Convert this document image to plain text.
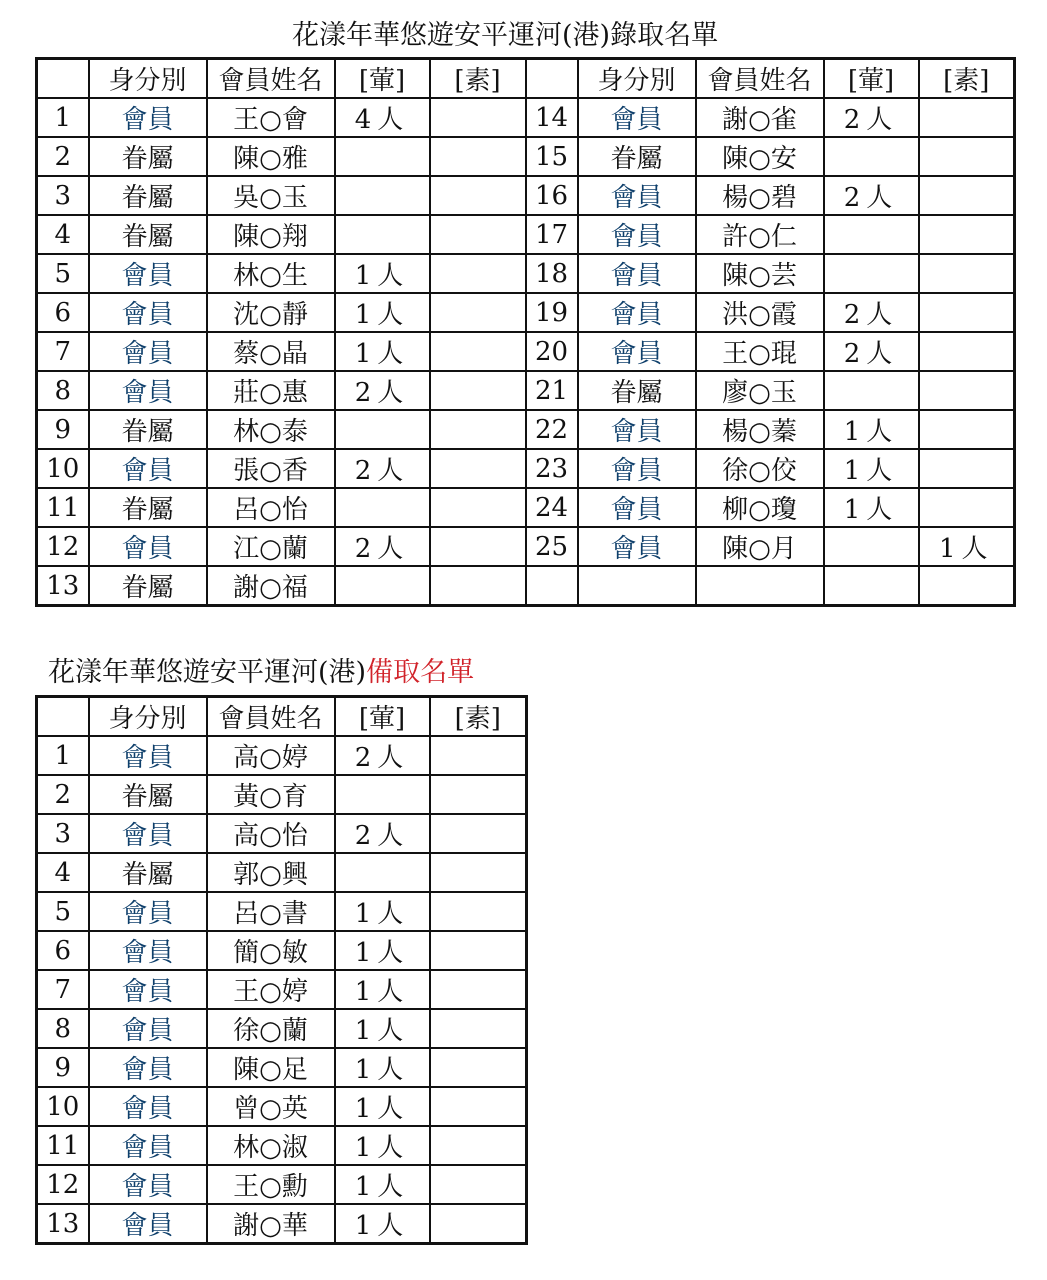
花漾年華悠遊安平運河(港)錄取名單
	身分別	會員姓名	[葷]	[素]		身分別	會員姓名	[葷]	[素]
1	會員	王○會	4人		14	會員	謝○雀	2人	
2	眷屬	陳○雅			15	眷屬	陳○安		
3	眷屬	吳○玉			16	會員	楊○碧	2人	
4	眷屬	陳○翔			17	會員	許○仁		
5	會員	林○生	1人		18	會員	陳○芸		
6	會員	沈○靜	1人		19	會員	洪○霞	2人	
7	會員	蔡○晶	1人		20	會員	王○琨	2人	
8	會員	莊○惠	2人		21	眷屬	廖○玉		
9	眷屬	林○泰			22	會員	楊○蓁	1人	
10	會員	張○香	2人		23	會員	徐○佼	1人	
11	眷屬	呂○怡			24	會員	柳○瓊	1人	
12	會員	江○蘭	2人		25	會員	陳○月		1人
13	眷屬	謝○福							
花漾年華悠遊安平運河(港)備取名單
	身分別	會員姓名	[葷]	[素]
1	會員	高○婷	2人	
2	眷屬	黃○育		
3	會員	高○怡	2人	
4	眷屬	郭○興		
5	會員	呂○書	1人	
6	會員	簡○敏	1人	
7	會員	王○婷	1人	
8	會員	徐○蘭	1人	
9	會員	陳○足	1人	
10	會員	曾○英	1人	
11	會員	林○淑	1人	
12	會員	王○勳	1人	
13	會員	謝○華	1人	
